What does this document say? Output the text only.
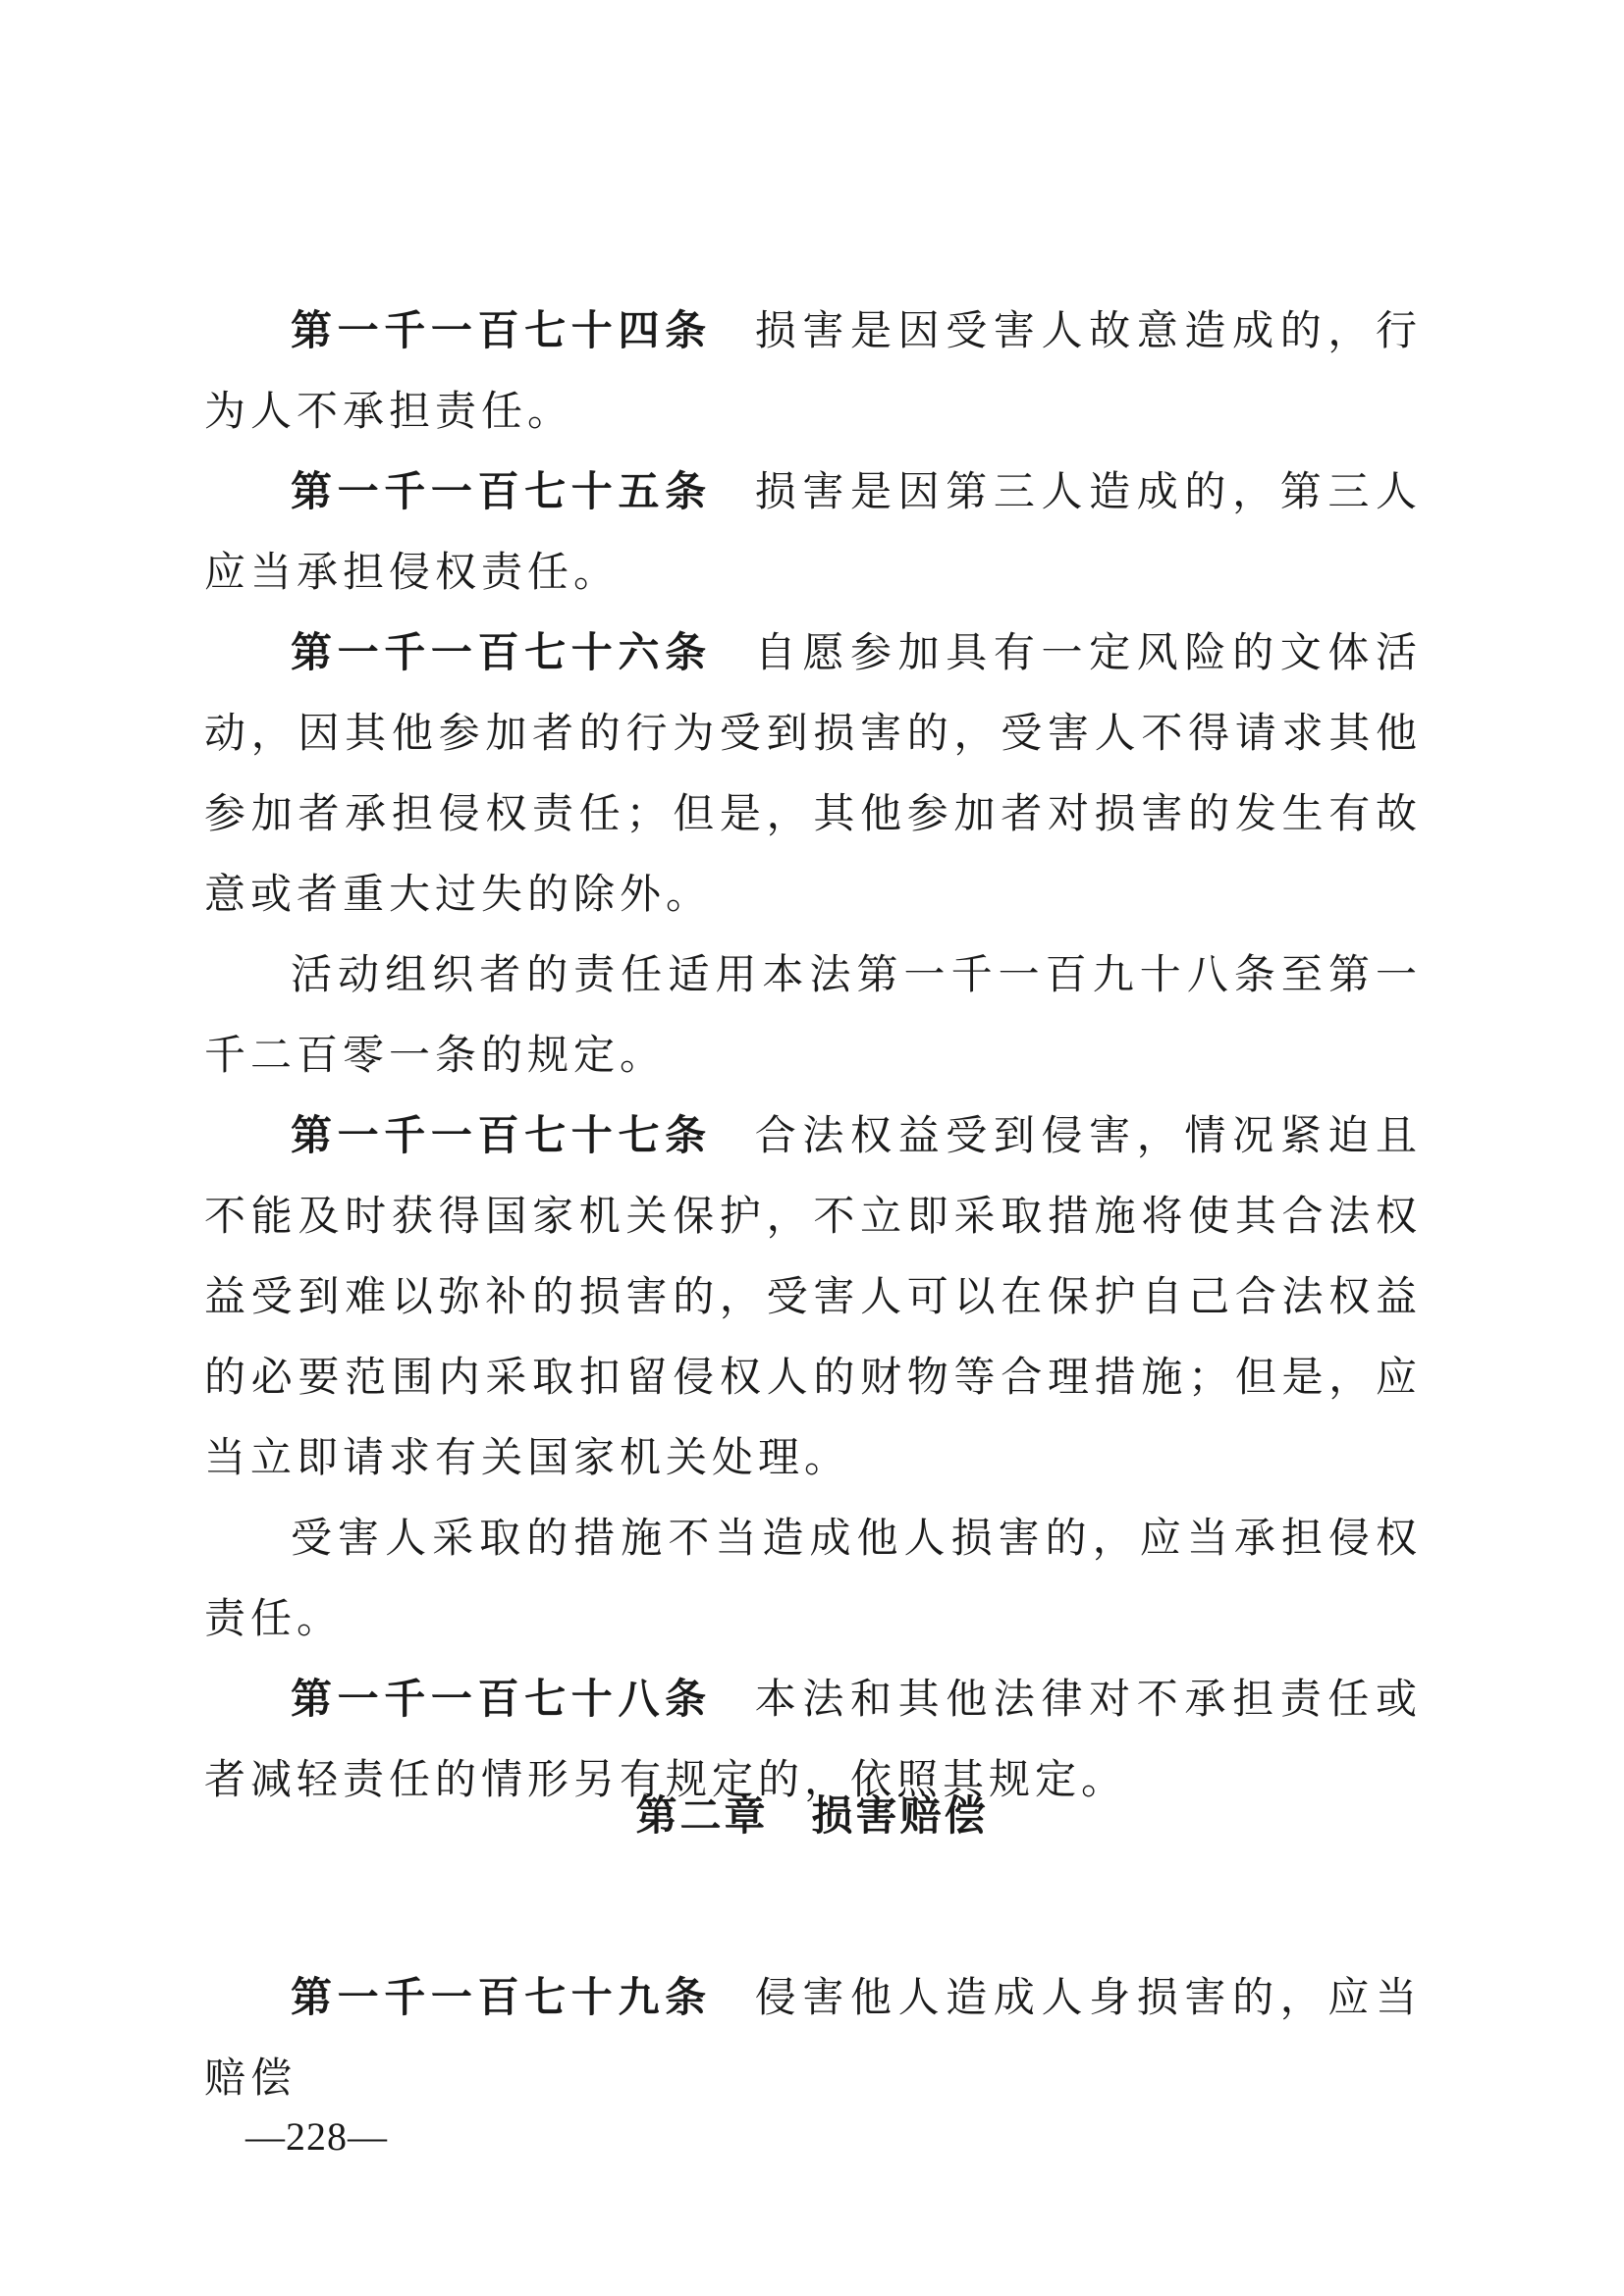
第一千一百七十四条 损害是因受害人故意造成的，行为人不承担责任。

第一千一百七十五条 损害是因第三人造成的，第三人应当承担侵权责任。

第一千一百七十六条 自愿参加具有一定风险的文体活动，因其他参加者的行为受到损害的，受害人不得请求其他参加者承担侵权责任；但是，其他参加者对损害的发生有故意或者重大过失的除外。

活动组织者的责任适用本法第一千一百九十八条至第一千二百零一条的规定。

第一千一百七十七条 合法权益受到侵害，情况紧迫且不能及时获得国家机关保护，不立即采取措施将使其合法权益受到难以弥补的损害的，受害人可以在保护自己合法权益的必要范围内采取扣留侵权人的财物等合理措施；但是，应当立即请求有关国家机关处理。

受害人采取的措施不当造成他人损害的，应当承担侵权责任。

第一千一百七十八条 本法和其他法律对不承担责任或者减轻责任的情形另有规定的，依照其规定。

第二章 损害赔偿

第一千一百七十九条 侵害他人造成人身损害的，应当赔偿

—228—
